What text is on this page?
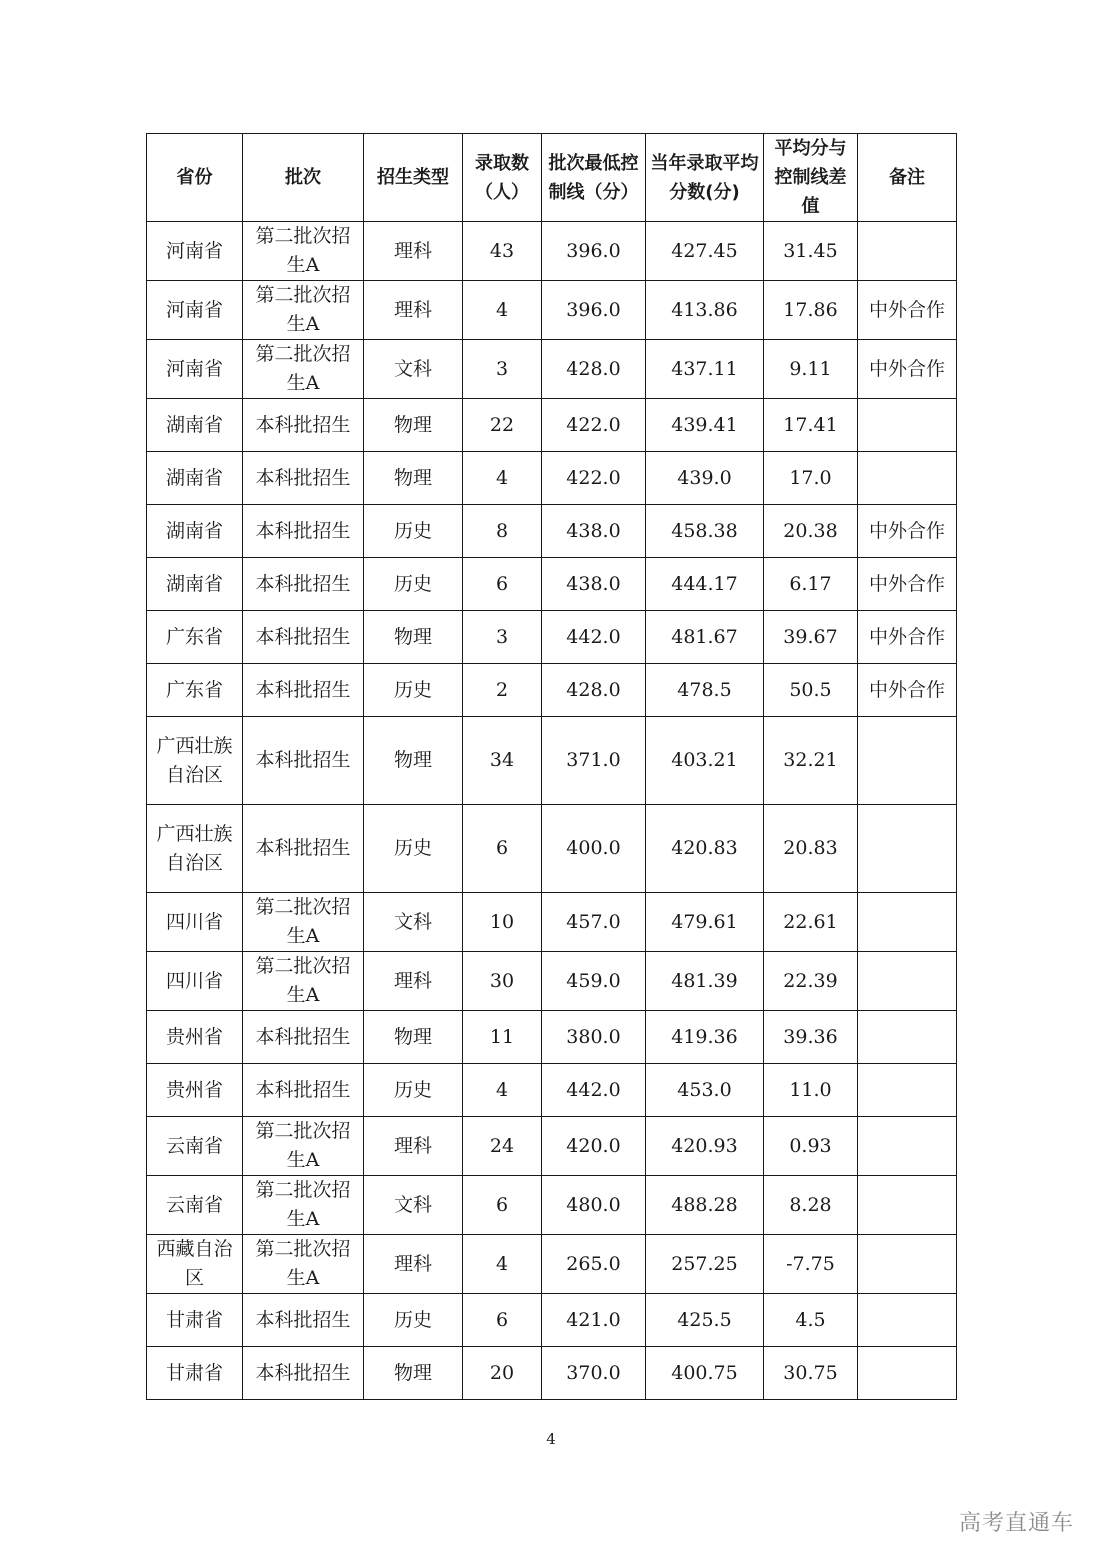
省份	批次	招生类型	录取数（人）	批次最低控制线（分）	当年录取平均分数(分)	平均分与控制线差值	备注
河南省	第二批次招生A	理科	43	396.0	427.45	31.45	
河南省	第二批次招生A	理科	4	396.0	413.86	17.86	中外合作
河南省	第二批次招生A	文科	3	428.0	437.11	9.11	中外合作
湖南省	本科批招生	物理	22	422.0	439.41	17.41	
湖南省	本科批招生	物理	4	422.0	439.0	17.0	
湖南省	本科批招生	历史	8	438.0	458.38	20.38	中外合作
湖南省	本科批招生	历史	6	438.0	444.17	6.17	中外合作
广东省	本科批招生	物理	3	442.0	481.67	39.67	中外合作
广东省	本科批招生	历史	2	428.0	478.5	50.5	中外合作
广西壮族自治区	本科批招生	物理	34	371.0	403.21	32.21	
广西壮族自治区	本科批招生	历史	6	400.0	420.83	20.83	
四川省	第二批次招生A	文科	10	457.0	479.61	22.61	
四川省	第二批次招生A	理科	30	459.0	481.39	22.39	
贵州省	本科批招生	物理	11	380.0	419.36	39.36	
贵州省	本科批招生	历史	4	442.0	453.0	11.0	
云南省	第二批次招生A	理科	24	420.0	420.93	0.93	
云南省	第二批次招生A	文科	6	480.0	488.28	8.28	
西藏自治区	第二批次招生A	理科	4	265.0	257.25	-7.75	
甘肃省	本科批招生	历史	6	421.0	425.5	4.5	
甘肃省	本科批招生	物理	20	370.0	400.75	30.75	
4
高考直通车
